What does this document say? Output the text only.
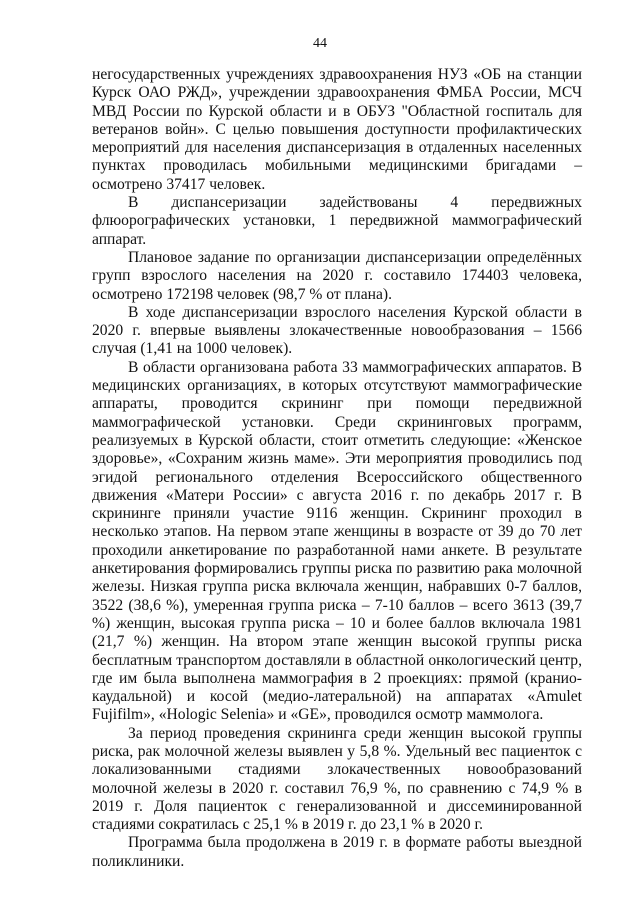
44

негосударственных учреждениях здравоохранения НУЗ «ОБ на станции Курск ОАО РЖД», учреждении здравоохранения ФМБА России, МСЧ МВД России по Курской области и в ОБУЗ "Областной госпиталь для ветеранов войн». С целью повышения доступности профилактических мероприятий для населения диспансеризация в отдаленных населенных пунктах проводилась мобильными медицинскими бригадами – осмотрено 37417 человек.

В диспансеризации задействованы 4 передвижных флюорографических установки, 1 передвижной маммографический аппарат.

Плановое задание по организации диспансеризации определённых групп взрослого населения на 2020 г. составило 174403 человека, осмотрено 172198 человек (98,7 % от плана).

В ходе диспансеризации взрослого населения Курской области в 2020 г. впервые выявлены злокачественные новообразования – 1566 случая (1,41 на 1000 человек).

В области организована работа 33 маммографических аппаратов. В медицинских организациях, в которых отсутствуют маммографические аппараты, проводится скрининг при помощи передвижной маммографической установки. Среди скрининговых программ, реализуемых в Курской области, стоит отметить следующие: «Женское здоровье», «Сохраним жизнь маме». Эти мероприятия проводились под эгидой регионального отделения Всероссийского общественного движения «Матери России» с августа 2016 г. по декабрь 2017 г. В скрининге приняли участие 9116 женщин. Скрининг проходил в несколько этапов. На первом этапе женщины в возрасте от 39 до 70 лет проходили анкетирование по разработанной нами анкете. В результате анкетирования формировались группы риска по развитию рака молочной железы. Низкая группа риска включала женщин, набравших 0-7 баллов, 3522 (38,6 %), умеренная группа риска – 7-10 баллов – всего 3613 (39,7 %) женщин, высокая группа риска – 10 и более баллов включала 1981 (21,7 %) женщин. На втором этапе женщин высокой группы риска бесплатным транспортом доставляли в областной онкологический центр, где им была выполнена маммография в 2 проекциях: прямой (кранио-каудальной) и косой (медио-латеральной) на аппаратах «Amulet Fujifilm», «Hologic Selenia» и «GE», проводился осмотр маммолога.

За период проведения скрининга среди женщин высокой группы риска, рак молочной железы выявлен у 5,8 %. Удельный вес пациенток с локализованными стадиями злокачественных новообразований молочной железы в 2020 г. составил 76,9 %, по сравнению с 74,9 % в 2019 г. Доля пациенток с генерализованной и диссеминированной стадиями сократилась с 25,1 % в 2019 г. до 23,1 % в 2020 г.

Программа была продолжена в 2019 г. в формате работы выездной поликлиники.
